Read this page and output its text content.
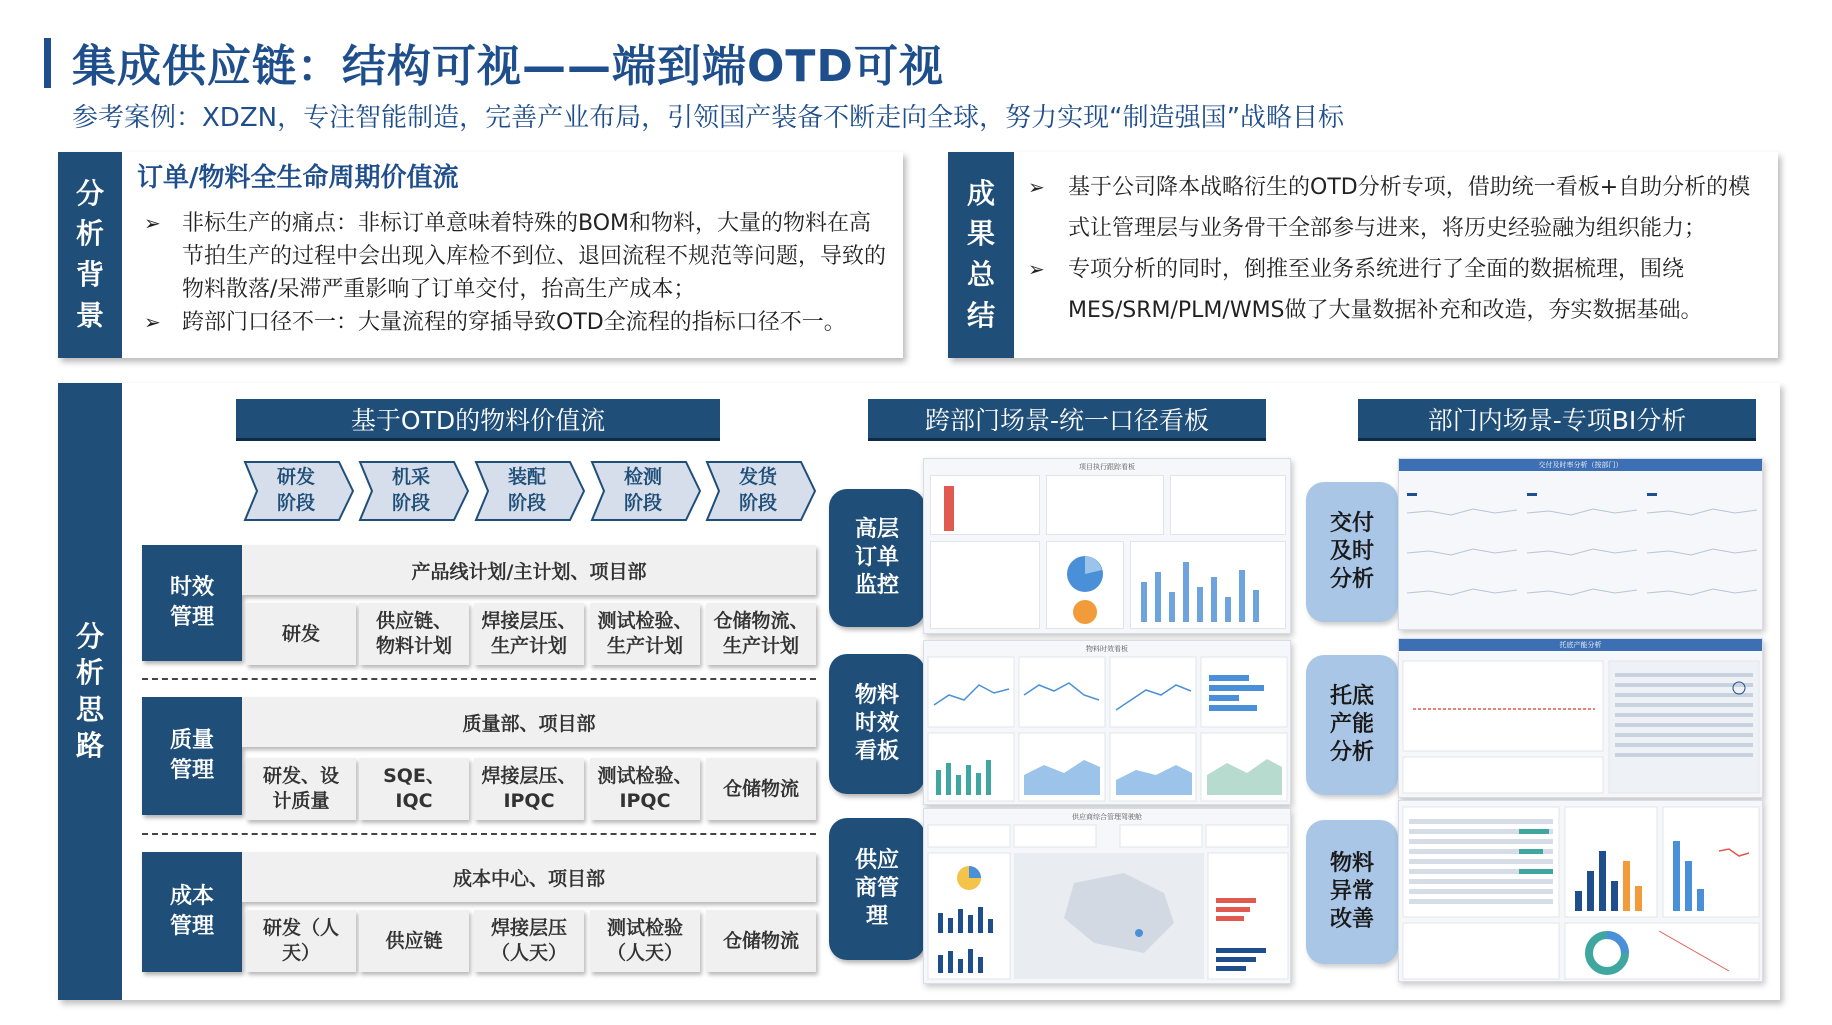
集成供应链：结构可视——端到端OTD可视
参考案例：XDZN，专注智能制造，完善产业布局，引领国产装备不断走向全球，努力实现“制造强国”战略目标
分
析
背
景
订单/物料全生命周期价值流
➢ 非标生产的痛点：非标订单意味着特殊的BOM和物料，大量的物料在高节拍生产的过程中会出现入库检不到位、退回流程不规范等问题，导致的物料散落/呆滞严重影响了订单交付，抬高生产成本；
➢ 跨部门口径不一：大量流程的穿插导致OTD全流程的指标口径不一。
成
果
总
结
➢ 基于公司降本战略衍生的OTD分析专项，借助统一看板+自助分析的模式让管理层与业务骨干全部参与进来，将历史经验融为组织能力；
➢ 专项分析的同时，倒推至业务系统进行了全面的数据梳理，围绕MES/SRM/PLM/WMS做了大量数据补充和改造，夯实数据基础。
分
析
思
路
基于OTD的物料价值流	跨部门场景-统一口径看板	部门内场景-专项BI分析
研发
阶段
机采
阶段
装配
阶段
检测
阶段
发货
阶段
时效
管理
产品线计划/主计划、项目部
研发
供应链、
物料计划
焊接层压、
生产计划
测试检验、
生产计划
仓储物流、
生产计划
质量
管理
质量部、项目部
研发、设
计质量
SQE、
IQC
焊接层压、
IPQC
测试检验、
IPQC
仓储物流
成本
管理
成本中心、项目部
研发（人
天）
供应链
焊接层压
（人天）
测试检验
（人天）
仓储物流
高层
订单
监控
物料
时效
看板
供应
商管
理
项目执行跟踪看板
物料时效看板
供应商综合管理驾驶舱
交付
及时
分析
托底
产能
分析
物料
异常
改善
交付及时率分析（按部门）
托底产能分析
